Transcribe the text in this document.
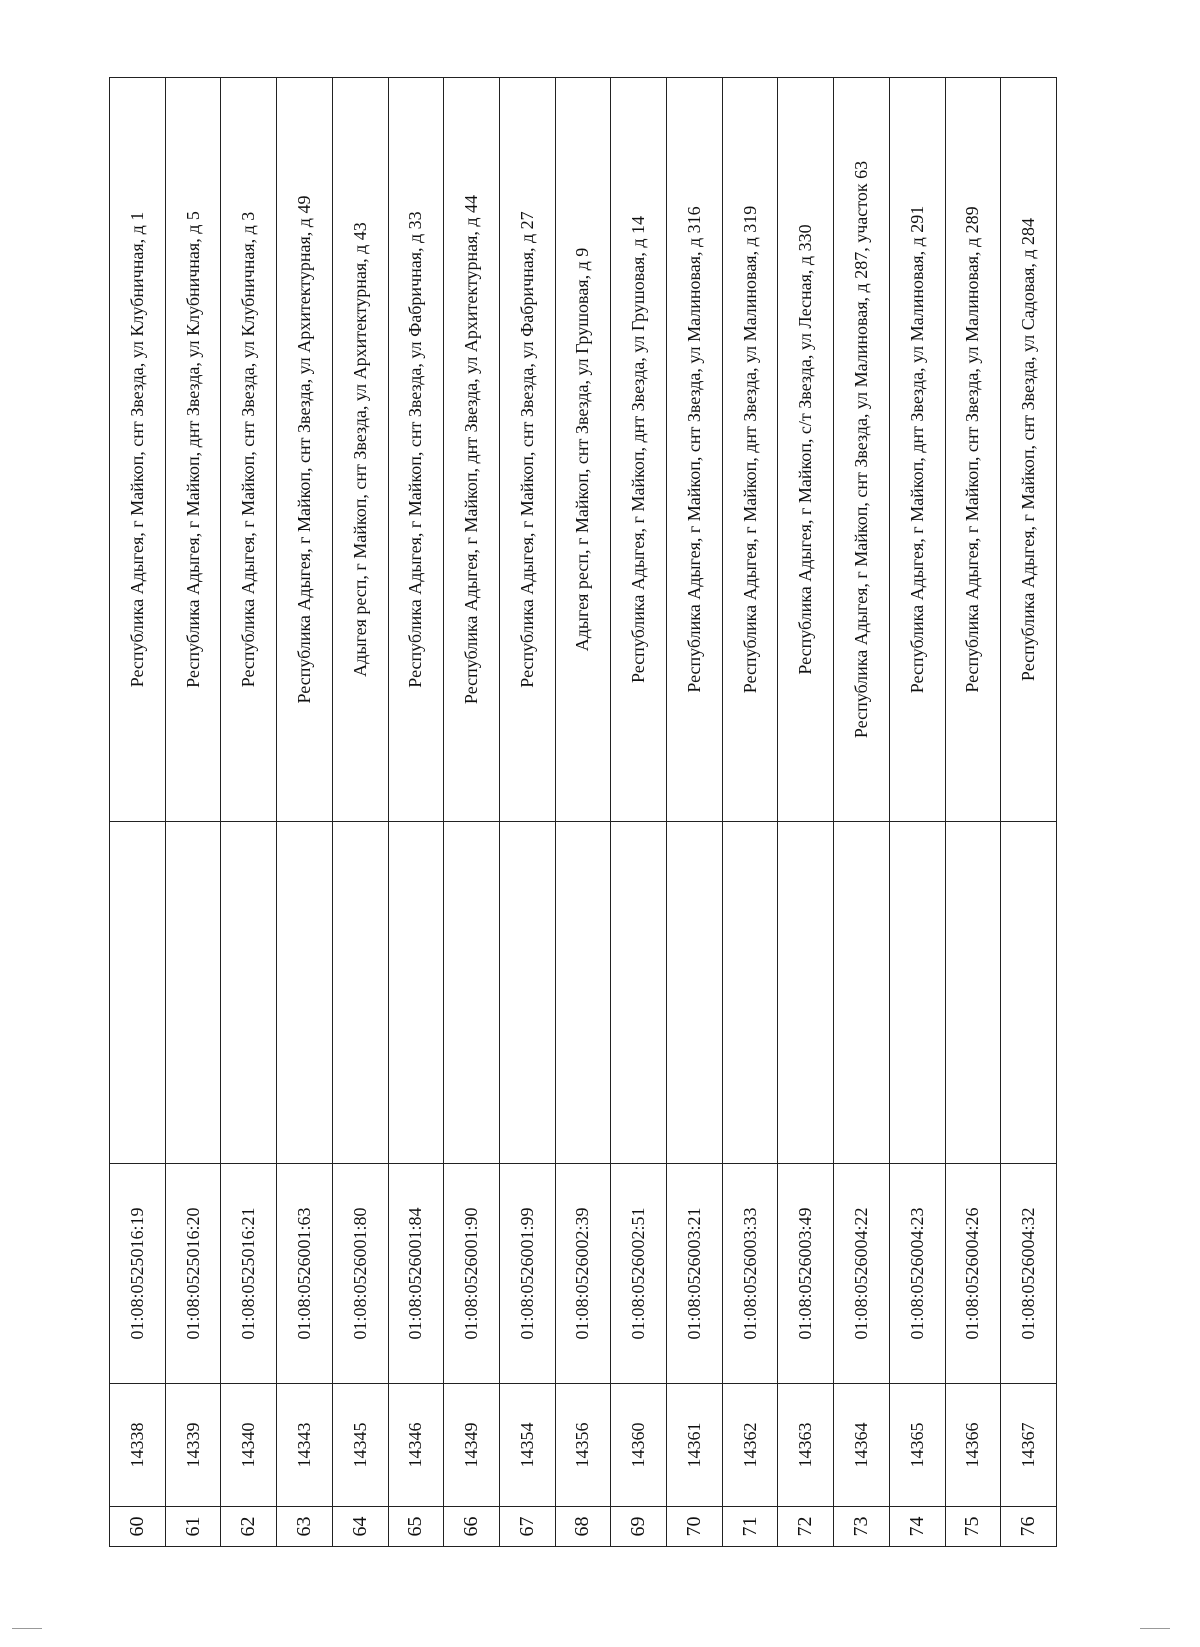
60	14338	01:08:0525016:19		Республика Адыгея, г Майкоп, снт Звезда, ул Клубничная, д 1
61	14339	01:08:0525016:20		Республика Адыгея, г Майкоп, днт Звезда, ул Клубничная, д 5
62	14340	01:08:0525016:21		Республика Адыгея, г Майкоп, снт Звезда, ул Клубничная, д 3
63	14343	01:08:0526001:63		Республика Адыгея, г Майкоп, снт Звезда, ул Архитектурная, д 49
64	14345	01:08:0526001:80		Адыгея респ, г Майкоп, снт Звезда, ул Архитектурная, д 43
65	14346	01:08:0526001:84		Республика Адыгея, г Майкоп, снт Звезда, ул Фабричная, д 33
66	14349	01:08:0526001:90		Республика Адыгея, г Майкоп, днт Звезда, ул Архитектурная, д 44
67	14354	01:08:0526001:99		Республика Адыгея, г Майкоп, снт Звезда, ул Фабричная, д 27
68	14356	01:08:0526002:39		Адыгея респ, г Майкоп, снт Звезда, ул Грушовая, д 9
69	14360	01:08:0526002:51		Республика Адыгея, г Майкоп, днт Звезда, ул Грушовая, д 14
70	14361	01:08:0526003:21		Республика Адыгея, г Майкоп, снт Звезда, ул Малиновая, д 316
71	14362	01:08:0526003:33		Республика Адыгея, г Майкоп, днт Звезда, ул Малиновая, д 319
72	14363	01:08:0526003:49		Республика Адыгея, г Майкоп, с/т Звезда, ул Лесная, д 330
73	14364	01:08:0526004:22		Республика Адыгея, г Майкоп, снт Звезда, ул Малиновая, д 287, участок 63
74	14365	01:08:0526004:23		Республика Адыгея, г Майкоп, днт Звезда, ул Малиновая, д 291
75	14366	01:08:0526004:26		Республика Адыгея, г Майкоп, снт Звезда, ул Малиновая, д 289
76	14367	01:08:0526004:32		Республика Адыгея, г Майкоп, снт Звезда, ул Садовая, д 284
